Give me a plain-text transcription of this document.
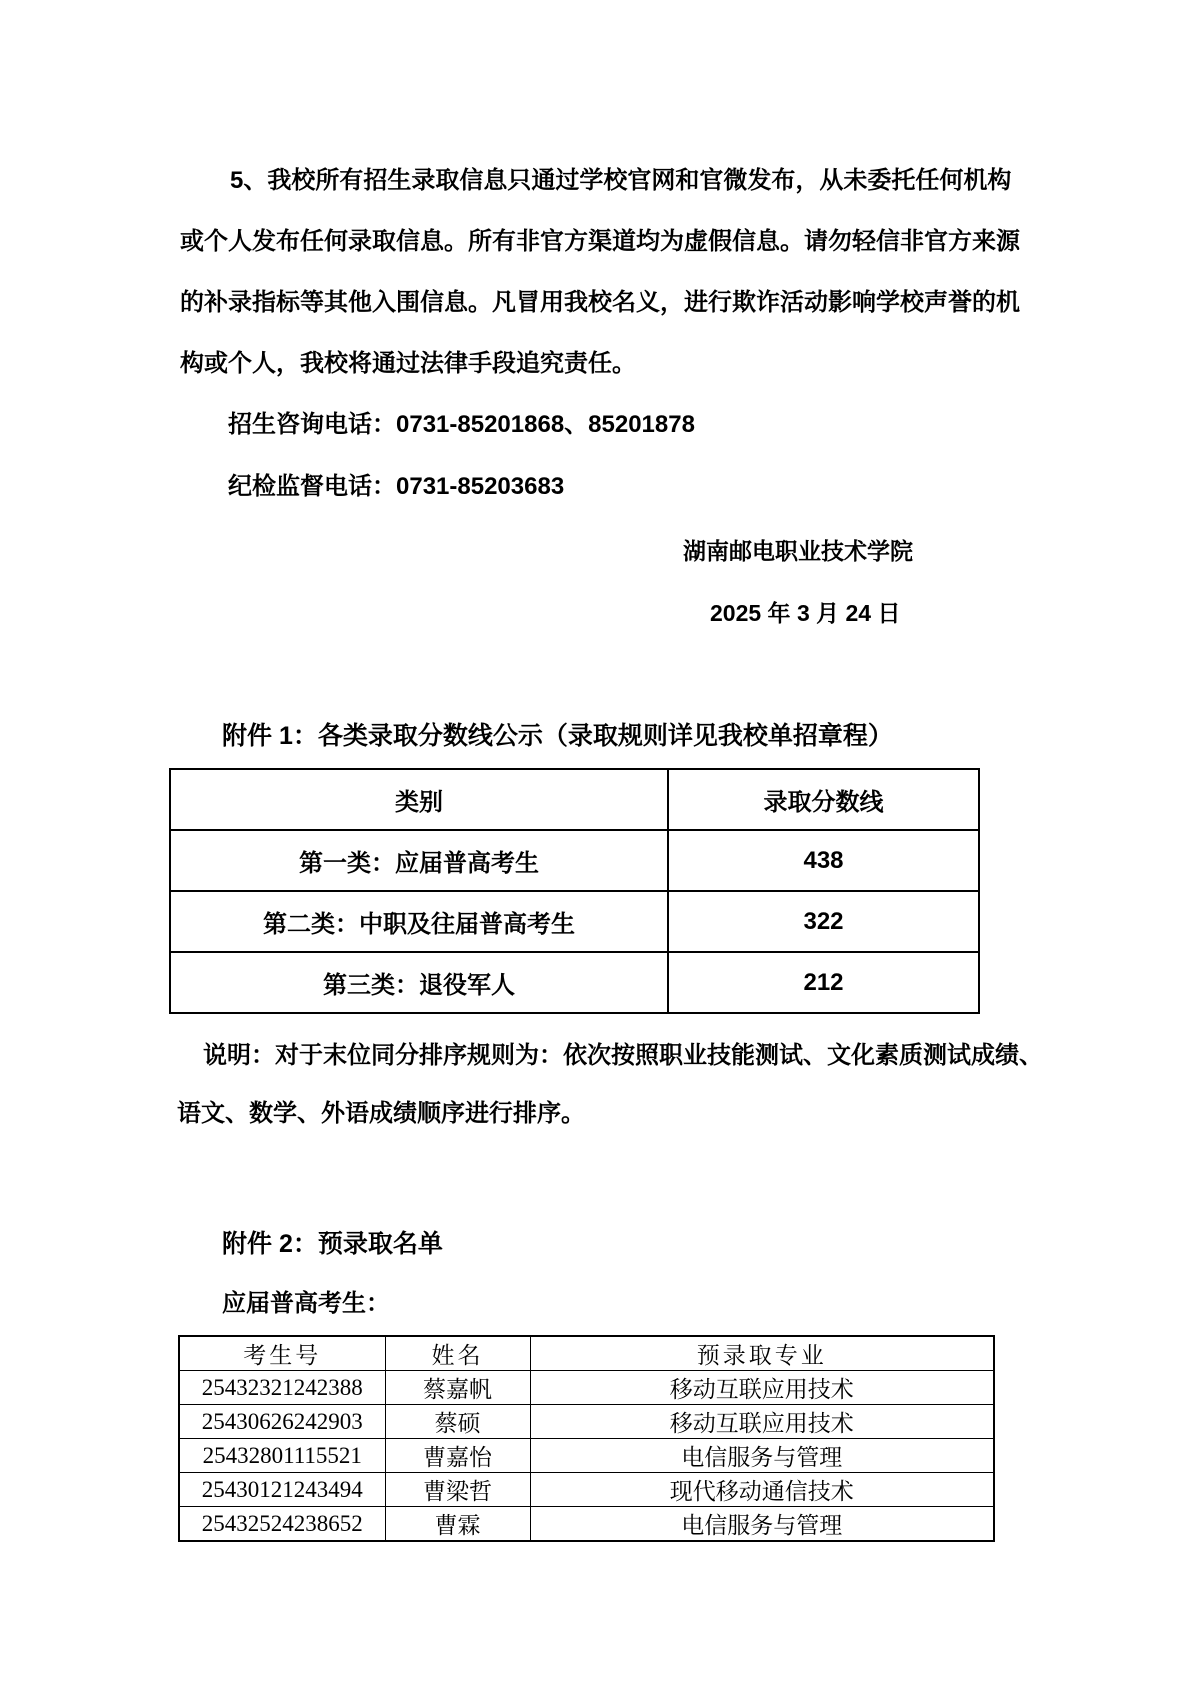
5、我校所有招生录取信息只通过学校官网和官微发布，从未委托任何机构
或个人发布任何录取信息。所有非官方渠道均为虚假信息。请勿轻信非官方来源
的补录指标等其他入围信息。凡冒用我校名义，进行欺诈活动影响学校声誉的机
构或个人，我校将通过法律手段追究责任。
招生咨询电话：0731-85201868、85201878
纪检监督电话：0731-85203683
湖南邮电职业技术学院
2025 年 3 月 24 日
附件 1：各类录取分数线公示（录取规则详见我校单招章程）
类别	录取分数线
第一类：应届普高考生	438
第二类：中职及往届普高考生	322
第三类：退役军人	212
说明：对于末位同分排序规则为：依次按照职业技能测试、文化素质测试成绩、
语文、数学、外语成绩顺序进行排序。
附件 2：预录取名单
应届普高考生：
考生号	姓名	预录取专业
25432321242388	蔡嘉帆	移动互联应用技术
25430626242903	蔡硕	移动互联应用技术
25432801115521	曹嘉怡	电信服务与管理
25430121243494	曹梁哲	现代移动通信技术
25432524238652	曹霖	电信服务与管理
